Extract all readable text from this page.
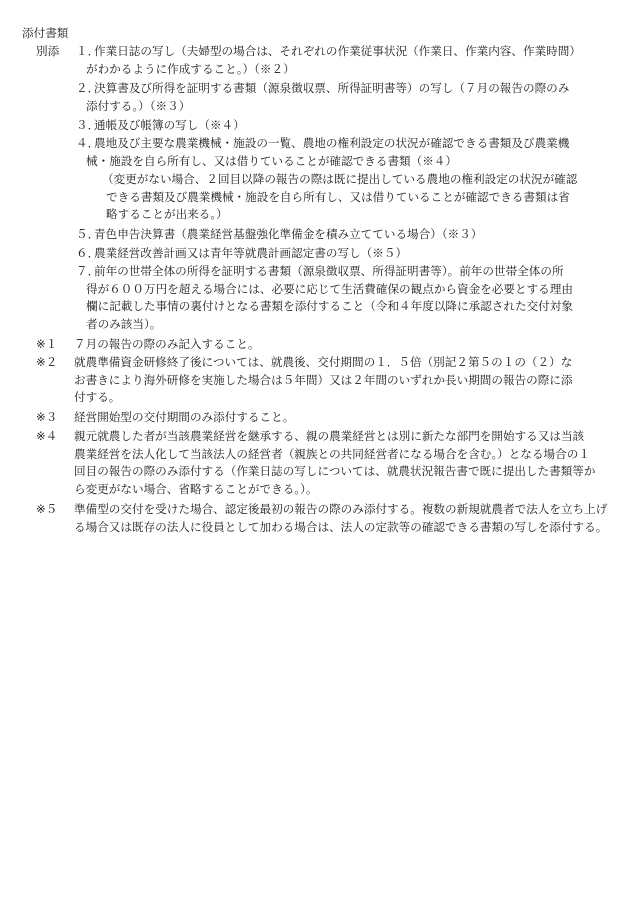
添付書類
別添 １．
作業日誌の写し（夫婦型の場合は、それぞれの作業従事状況（作業日、作業内容、作業時間）
がわかるように作成すること。）（※２）
２．
決算書及び所得を証明する書類（源泉徴収票、所得証明書等）の写し（７月の報告の際のみ
添付する。）（※３）
３．
通帳及び帳簿の写し（※４）
４．
農地及び主要な農業機械・施設の一覧、農地の権利設定の状況が確認できる書類及び農業機
械・施設を自ら所有し、又は借りていることが確認できる書類（※４）
（変更がない場合、２回目以降の報告の際は既に提出している農地の権利設定の状況が確認
できる書類及び農業機械・施設を自ら所有し、又は借りていることが確認できる書類は省
略することが出来る。）
５．
青色申告決算書（農業経営基盤強化準備金を積み立てている場合）（※３）
６．
農業経営改善計画又は青年等就農計画認定書の写し（※５）
７．
前年の世帯全体の所得を証明する書類（源泉徴収票、所得証明書等）。前年の世帯全体の所
得が６００万円を超える場合には、必要に応じて生活費確保の観点から資金を必要とする理由
欄に記載した事情の裏付けとなる書類を添付すること（令和４年度以降に承認された交付対象
者のみ該当）。
※１ ７月の報告の際のみ記入すること。
※２ 就農準備資金研修終了後については、就農後、交付期間の１．５倍（別記２第５の１の（２）な
お書きにより海外研修を実施した場合は５年間）又は２年間のいずれか長い期間の報告の際に添
付する。
※３ 経営開始型の交付期間のみ添付すること。
※４ 親元就農した者が当該農業経営を継承する、親の農業経営とは別に新たな部門を開始する又は当該
農業経営を法人化して当該法人の経営者（親族との共同経営者になる場合を含む。）となる場合の１
回目の報告の際のみ添付する（作業日誌の写しについては、就農状況報告書で既に提出した書類等か
ら変更がない場合、省略することができる。）。
※５ 準備型の交付を受けた場合、認定後最初の報告の際のみ添付する。複数の新規就農者で法人を立ち上げ
る場合又は既存の法人に役員として加わる場合は、法人の定款等の確認できる書類の写しを添付する。
